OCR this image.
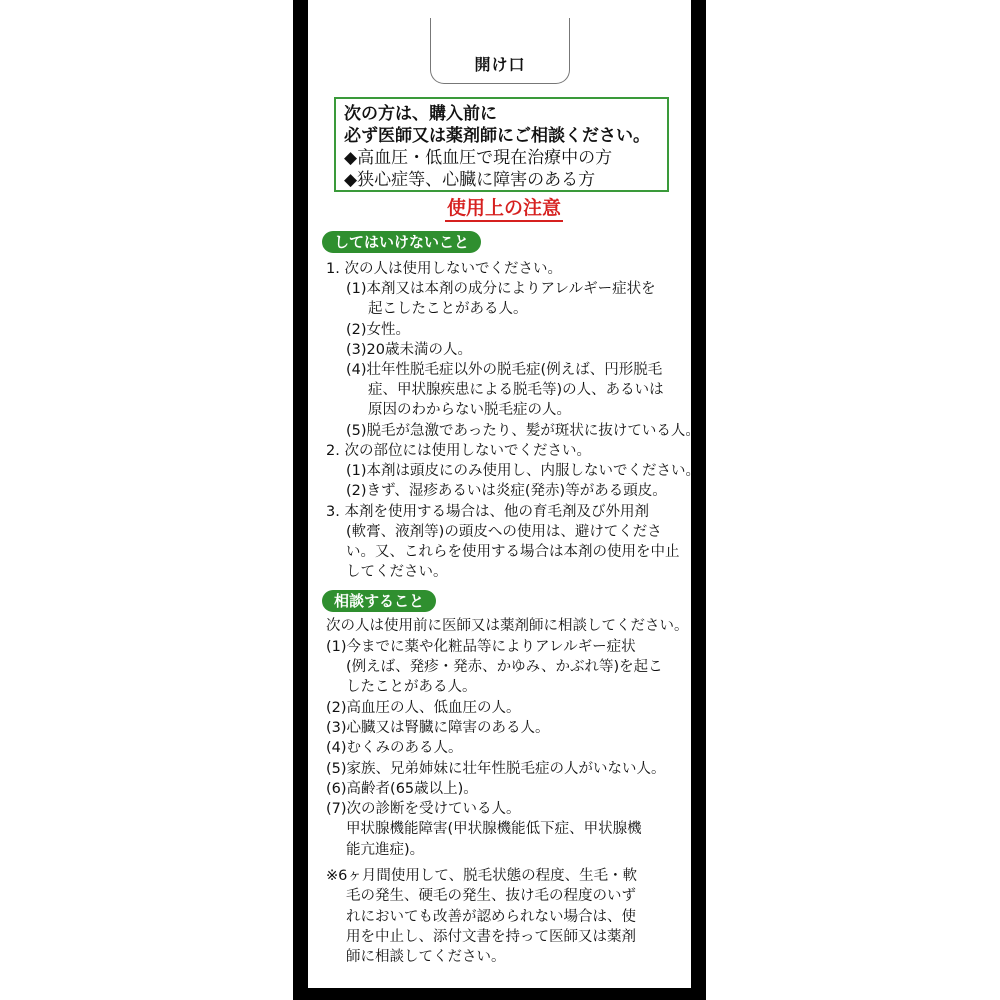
開け口
次の方は、購入前に
必ず医師又は薬剤師にご相談ください。
◆高血圧・低血圧で現在治療中の方
◆狭心症等、心臓に障害のある方
使用上の注意
してはいけないこと
1. 次の人は使用しないでください。
(1)本剤又は本剤の成分によりアレルギー症状を
起こしたことがある人。
(2)女性。
(3)20歳未満の人。
(4)壮年性脱毛症以外の脱毛症(例えば、円形脱毛
症、甲状腺疾患による脱毛等)の人、あるいは
原因のわからない脱毛症の人。
(5)脱毛が急激であったり、髪が斑状に抜けている人。
2. 次の部位には使用しないでください。
(1)本剤は頭皮にのみ使用し、内服しないでください。
(2)きず、湿疹あるいは炎症(発赤)等がある頭皮。
3. 本剤を使用する場合は、他の育毛剤及び外用剤
(軟膏、液剤等)の頭皮への使用は、避けてくださ
い。又、これらを使用する場合は本剤の使用を中止
してください。
相談すること
次の人は使用前に医師又は薬剤師に相談してください。
(1)今までに薬や化粧品等によりアレルギー症状
(例えば、発疹・発赤、かゆみ、かぶれ等)を起こ
したことがある人。
(2)高血圧の人、低血圧の人。
(3)心臓又は腎臓に障害のある人。
(4)むくみのある人。
(5)家族、兄弟姉妹に壮年性脱毛症の人がいない人。
(6)高齢者(65歳以上)。
(7)次の診断を受けている人。
甲状腺機能障害(甲状腺機能低下症、甲状腺機
能亢進症)。
※6ヶ月間使用して、脱毛状態の程度、生毛・軟
毛の発生、硬毛の発生、抜け毛の程度のいず
れにおいても改善が認められない場合は、使
用を中止し、添付文書を持って医師又は薬剤
師に相談してください。
